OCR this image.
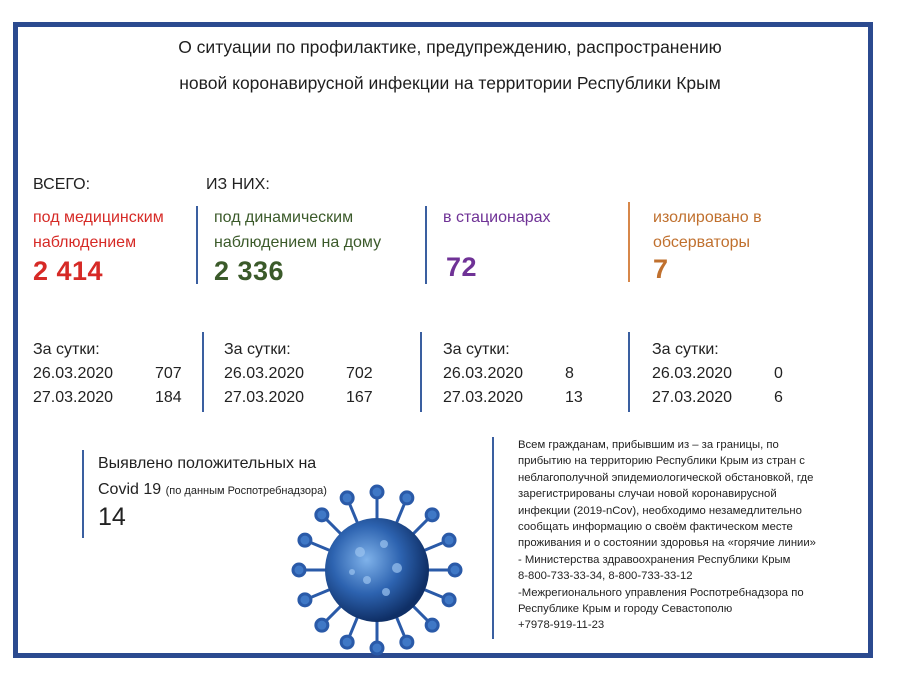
О ситуации по профилактике, предупреждению, распространению
новой коронавирусной инфекции на территории Республики Крым
ВСЕГО:	ИЗ НИХ:
под медицинским
наблюдением
2 414
под динамическим
наблюдением на дому
2 336
в стационарах
72
изолировано в
обсерваторы
7
За сутки:
26.03.2020	707
27.03.2020	184
За сутки:
26.03.2020	702
27.03.2020	167
За сутки:
26.03.2020	8
27.03.2020	13
За сутки:
26.03.2020	0
27.03.2020	6
Выявлено положительных на
Covid 19 (по данным Роспотребнадзора)
14
Всем гражданам, прибывшим из – за границы, по
прибытию на территорию Республики Крым из стран с
неблагополучной эпидемиологической обстановкой, где
зарегистрированы случаи новой коронавирусной
инфекции (2019-nCov), необходимо незамедлительно
сообщать информацию о своём фактическом месте
проживания и о состоянии здоровья на «горячие линии»
- Министерства здравоохранения Республики Крым
8-800-733-33-34, 8-800-733-33-12
-Межрегионального управления Роспотребнадзора по
Республике Крым и городу Севастополю
+7978-919-11-23
